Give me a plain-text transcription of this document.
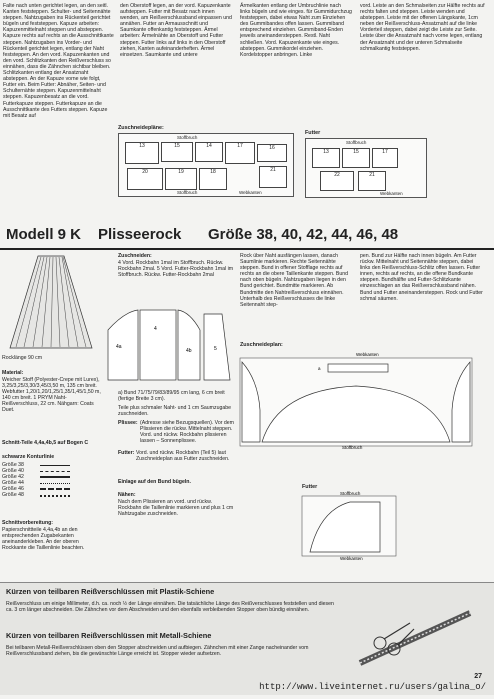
Falte nach unten gerichtet legen, an den seitl. Kanten feststeppen. Schulter- und Seitennähte steppen. Nahtzugaben ins Rückenteil gerichtet bügeln und feststeppen. Kapuze arbeiten: Kapuzenmittelnaht steppen und absteppen. Kapuze rechts auf rechts an die Ausschnittkante steppen. Nahtzugaben ins Vorder- und Rückenteil gerichtet legen, entlang der Naht feststeppen. An den vord. Kapuzenkanten und den vord. Schlitzkanten den Reißverschluss so einnähen, dass die Zähnchen sichtbar bleiben. Schlitzkanten entlang der Ansatznaht absteppen. An der Kapuze vorne wie folgt, Futter ein. Beim Futter: Abnäher, Seiten- und Schulternähte steppen. Kapuzenmittelnaht steppen. Kapuzenbesatz an die vord. Futterkapuze steppen. Futterkapuze an die Ausschnittkante des Futters steppen. Kapuze mit Besatz auf
den Oberstoff legen, an der vord. Kapuzenkante aufsteppen. Futter mit Besatz nach innen wenden, am Reißverschlussband einpassen und annähen. Futter an Armausschnitt und Saumkante offenkantig feststeppen. Ärmel arbeiten: Ärmelnähte an Oberstoff und Futter steppen. Futter links auf links in den Oberstoff ziehen, Kanten aufeinanderheften. Ärmel einsetzen. Saumkante und untere
Ärmelkanten entlang der Umbruchlinie nach links bügeln und wie einges. für Gummidurchzug feststeppen, dabei etwas Naht zum Einziehen des Gummibandes offen lassen. Gummiband entsprechend einziehen. Gummiband-Enden jeweils aneinandersteppen. Restl. Naht schließen. Vord. Kapuzenkante wie einges. absteppen. Gummikordel einziehen. Kordelstopper anbringen. Linke
vord. Leiste an den Schmalseiten zur Hälfte rechts auf rechts falten und steppen. Leiste wenden und absteppen. Leiste mit der offenen Längskante, 1cm neben der Reißverschluss-Ansatznaht auf die linke Vorderteil steppen, dabei zeigt die Leiste zur Seite. Leiste über die Ansatznaht nach vorne legen, entlang der Ansatznaht und der unteren Schmalseite schmalkantig feststeppen.
Zuschneidepläne:
Stoffbruch
13	15	14	17
20	19	18
16
21
Stoffbruch	Webkanten
Futter
Stoffbruch
13	15	17
22	21
Webkanten
Modell 9 K Plisseerock Größe 38, 40, 42, 44, 46, 48
Rocklänge 90 cm
Material:
Weicher Stoff (Polyester-Crepe mit Lurex), 3,25/3,25/3,30/3,45/3,50 m, 135 cm breit. Webfutter 1,20/1,20/1,25/1,35/1,45/1,50 m, 140 cm breit. 1 PRYM Naht-Reißverschluss, 22 cm. Nähgarn: Coats Duet.
Schnitt-Teile 4,4a,4b,5 auf Bogen C
schwarze Konturlinie
Größe 38
Größe 40
Größe 42
Größe 44
Größe 46
Größe 48
Schnittvorbereitung:
Papierschnittteile 4,4a,4b an den entsprechenden Zugabekanten aneinanderkleben. An der oberen Rockkante die Taillenlinie beachten.
Zuschneiden:
4 Vord. Rockbahn 1mal im Stoffbruch. Rückw. Rockbahn 2mal. 5 Vord. Futter-Rockbahn 1mal im Stoffbruch. Rückw. Futter-Rockbahn 2mal
4a
4
4b	5
a) Bund 71/75/79/83/89/95 cm lang, 6 cm breit (fertige Breite 3 cm).
Teile plus schmaler Naht- und 1 cm Saumzugabe zuschneiden.
Plissee: (Adresse siehe Bezugsquellen). Vor dem Plissieren die rückw. Mittelnaht steppen. Vord. und rückw. Rockbahn plissieren lassen – Sonnenplissee.
Futter: Vord. und rückw. Rockbahn (Teil 5) laut Zuschneideplan aus Futter zuschneiden.
Einlage auf den Bund bügeln.
Nähen:
Nach dem Plissieren an vord. und rückw. Rockbahn die Taillenlinie markieren und plus 1 cm Nahtzugabe zuschneiden.
Rock über Naht ausfängen lassen, danach Saumlinie markieren. Rechte Seitennähte steppen. Bund in offener Stofflage rechts auf rechts an die obere Taillenkante steppen. Bund nach oben bügeln. Nahtzugaben liegen in den Bund gerichtet. Bundmitte markieren. Ab Bundmitte den Nahtreißverschluss einnähen. Unterhalb des Reißverschlusses die linke Seitennaht step-
pen. Bund zur Hälfte nach innen bügeln. Am Futter rückw. Mittelnaht und Seitennähte steppen, dabei links den Reißverschluss-Schlitz offen lassen. Futter innen, rechts auf rechts, an die offene Bundkante steppen. Bundhälfte und Futter-Schlitzkante einzeschlagen an das Reißverschlussband nähen. Bund und Futter aneinandersteppen. Rock und Futter schmal säumen.
Zuschneideplan:
Webkanten
a
Stoffbruch
Futter
Stoffbruch
Webkanten
Kürzen von teilbaren Reißverschlüssen mit Plastik-Schiene
Reißverschluss um einige Millimeter, d.h. ca. noch ½ der Länge einnähen. Die tatsächliche Länge des Reißverschlusses feststellen und diesen ca. 3 cm länger abschneiden. Die Zähnchen vor dem Abschneiden und den ebenfalls verbleibenden Stopper oben bündig einnähen.
Kürzen von teilbaren Reißverschlüssen mit Metall-Schiene
Bei teilbaren Metall-Reißverschlüssen oben den Stopper abschneiden und aufbiegen. Zähnchen mit einer Zange nacheinander vom Reißverschlussband ziehen, bis die gewünschte Länge erreicht ist. Stopper wieder aufsetzen.
27
http://www.liveinternet.ru/users/galina_o/
